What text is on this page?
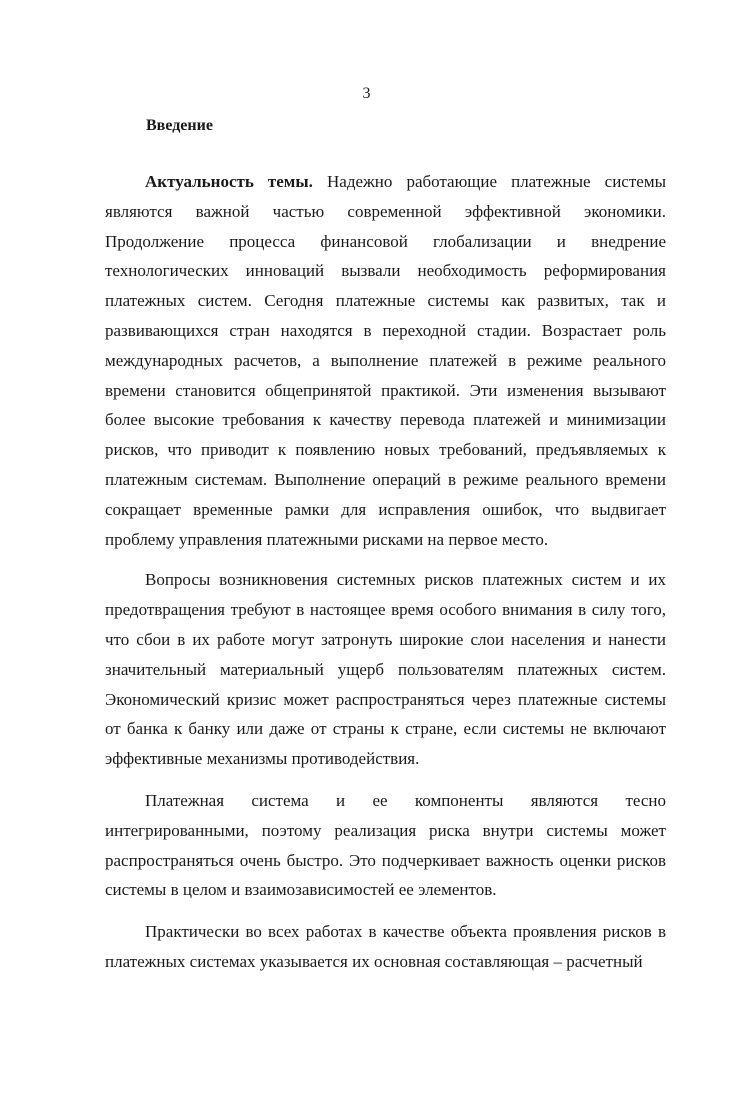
3
Введение

Актуальность темы. Надежно работающие платежные системы являются важной частью современной эффективной экономики. Продолжение процесса финансовой глобализации и внедрение технологических инноваций вызвали необходимость реформирования платежных систем. Сегодня платежные системы как развитых, так и развивающихся стран находятся в переходной стадии. Возрастает роль международных расчетов, а выполнение платежей в режиме реального времени становится общепринятой практикой. Эти изменения вызывают более высокие требования к качеству перевода платежей и минимизации рисков, что приводит к появлению новых требований, предъявляемых к платежным системам. Выполнение операций в режиме реального времени сокращает временные рамки для исправления ошибок, что выдвигает проблему управления платежными рисками на первое место.

Вопросы возникновения системных рисков платежных систем и их предотвращения требуют в настоящее время особого внимания в силу того, что сбои в их работе могут затронуть широкие слои населения и нанести значительный материальный ущерб пользователям платежных систем. Экономический кризис может распространяться через платежные системы от банка к банку или даже от страны к стране, если системы не включают эффективные механизмы противодействия.

Платежная система и ее компоненты являются тесно интегрированными, поэтому реализация риска внутри системы может распространяться очень быстро. Это подчеркивает важность оценки рисков системы в целом и взаимозависимостей ее элементов.

Практически во всех работах в качестве объекта проявления рисков в платежных системах указывается их основная составляющая – расчетный
